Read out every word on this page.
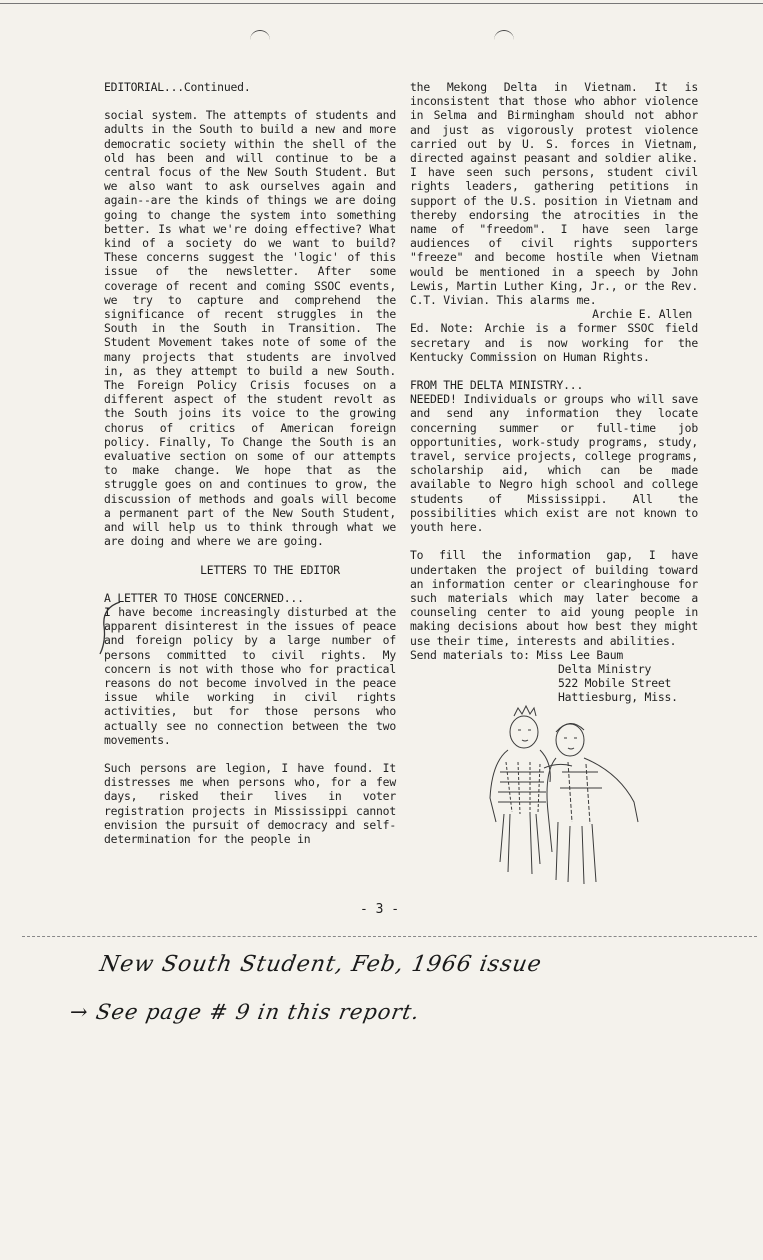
EDITORIAL...Continued.

social system. The attempts of students and adults in the South to build a new and more democratic society within the shell of the old has been and will continue to be a central focus of the New South Student. But we also want to ask ourselves again and again--are the kinds of things we are doing going to change the system into something better. Is what we're doing effective? What kind of a society do we want to build? These concerns suggest the 'logic' of this issue of the newsletter. After some coverage of recent and coming SSOC events, we try to capture and comprehend the significance of recent struggles in the South in the South in Transition. The Student Movement takes note of some of the many projects that students are involved in, as they attempt to build a new South. The Foreign Policy Crisis focuses on a different aspect of the student revolt as the South joins its voice to the growing chorus of critics of American foreign policy. Finally, To Change the South is an evaluative section on some of our attempts to make change. We hope that as the struggle goes on and continues to grow, the discussion of methods and goals will become a permanent part of the New South Student, and will help us to think through what we are doing and where we are going.

LETTERS TO THE EDITOR

A LETTER TO THOSE CONCERNED...

I have become increasingly disturbed at the apparent disinterest in the issues of peace and foreign policy by a large number of persons committed to civil rights. My concern is not with those who for practical reasons do not become involved in the peace issue while working in civil rights activities, but for those persons who actually see no connection between the two movements.

Such persons are legion, I have found. It distresses me when persons who, for a few days, risked their lives in voter registration projects in Mississippi cannot envision the pursuit of democracy and self-determination for the people in

the Mekong Delta in Vietnam. It is inconsistent that those who abhor violence in Selma and Birmingham should not abhor and just as vigorously protest violence carried out by U. S. forces in Vietnam, directed against peasant and soldier alike. I have seen such persons, student civil rights leaders, gathering petitions in support of the U.S. position in Vietnam and thereby endorsing the atrocities in the name of "freedom". I have seen large audiences of civil rights supporters "freeze" and become hostile when Vietnam would be mentioned in a speech by John Lewis, Martin Luther King, Jr., or the Rev. C.T. Vivian. This alarms me.

Archie E. Allen

Ed. Note: Archie is a former SSOC field secretary and is now working for the Kentucky Commission on Human Rights.

FROM THE DELTA MINISTRY...

NEEDED! Individuals or groups who will save and send any information they locate concerning summer or full-time job opportunities, work-study programs, study, travel, service projects, college programs, scholarship aid, which can be made available to Negro high school and college students of Mississippi. All the possibilities which exist are not known to youth here.

To fill the information gap, I have undertaken the project of building toward an information center or clearinghouse for such materials which may later become a counseling center to aid young people in making decisions about how best they might use their time, interests and abilities.

Send materials to: Miss Lee Baum

Delta Ministry

522 Mobile Street

Hattiesburg, Miss.

- 3 -
New South Student, Feb, 1966 issue
→ See page # 9 in this report.
